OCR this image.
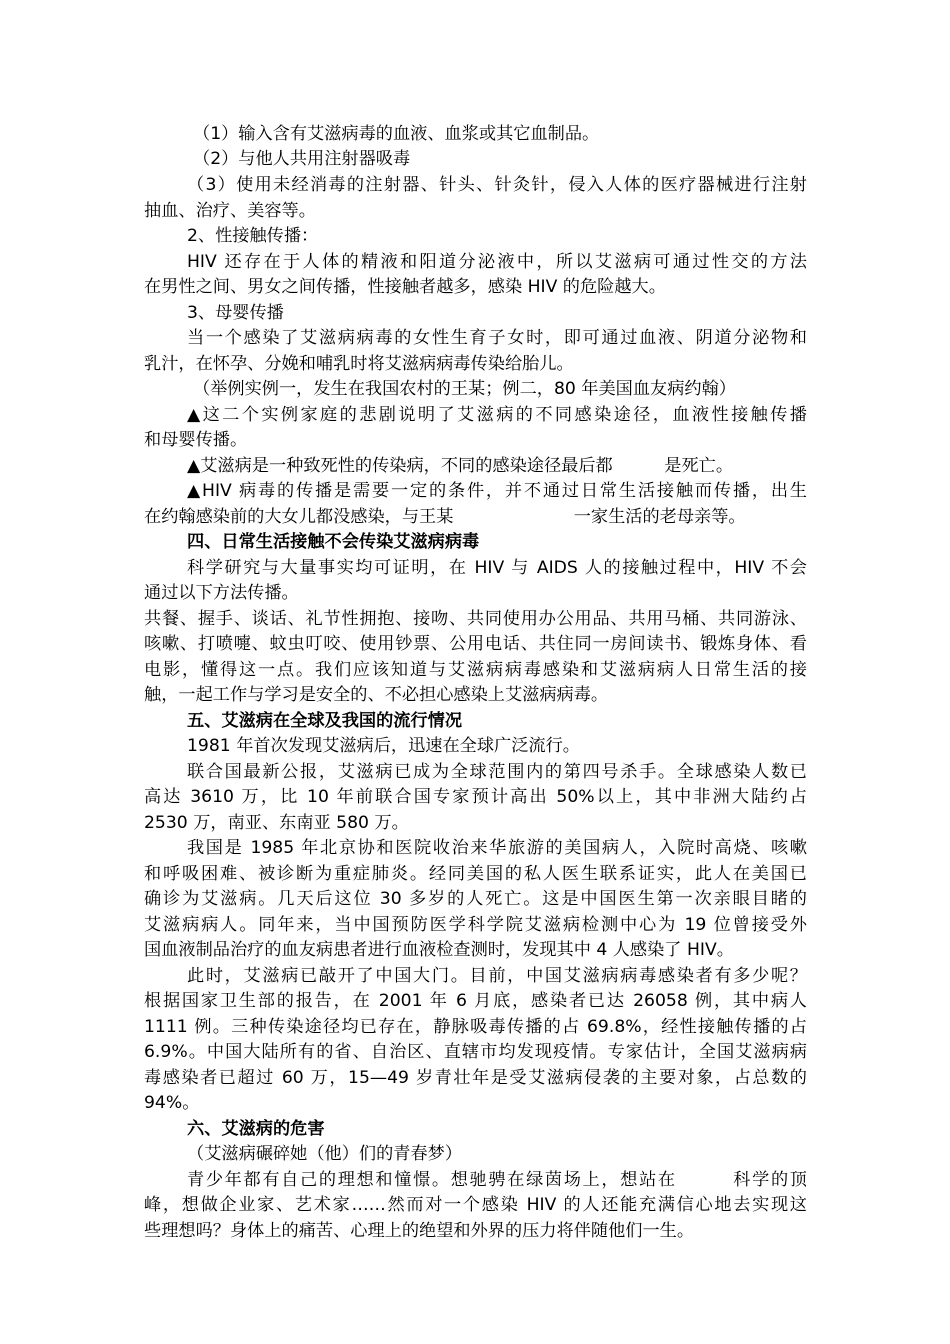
（1）输入含有艾滋病毒的血液、血浆或其它血制品。
（2）与他人共用注射器吸毒
（3）使用未经消毒的注射器、针头、针灸针，侵入人体的医疗器械进行注射
抽血、治疗、美容等。
2、性接触传播：
HIV 还存在于人体的精液和阳道分泌液中，所以艾滋病可通过性交的方法
在男性之间、男女之间传播，性接触者越多，感染 HIV 的危险越大。
3、母婴传播
当一个感染了艾滋病病毒的女性生育子女时，即可通过血液、阴道分泌物和
乳汁，在怀孕、分娩和哺乳时将艾滋病病毒传染给胎儿。
（举例实例一，发生在我国农村的王某；例二，80 年美国血友病约翰）
▲这二个实例家庭的悲剧说明了艾滋病的不同感染途径，血液性接触传播
和母婴传播。
▲艾滋病是一种致死性的传染病，不同的感染途径最后都　　　是死亡。
▲HIV 病毒的传播是需要一定的条件，并不通过日常生活接触而传播，出生
在约翰感染前的大女儿都没感染，与王某　　　　　　　一家生活的老母亲等。
四、日常生活接触不会传染艾滋病病毒
科学研究与大量事实均可证明，在 HIV 与 AIDS 人的接触过程中，HIV 不会
通过以下方法传播。
共餐、握手、谈话、礼节性拥抱、接吻、共同使用办公用品、共用马桶、共同游泳、
咳嗽、打喷嚏、蚊虫叮咬、使用钞票、公用电话、共住同一房间读书、锻炼身体、看
电影，懂得这一点。我们应该知道与艾滋病病毒感染和艾滋病病人日常生活的接
触，一起工作与学习是安全的、不必担心感染上艾滋病病毒。
五、艾滋病在全球及我国的流行情况
1981 年首次发现艾滋病后，迅速在全球广泛流行。
联合国最新公报，艾滋病已成为全球范围内的第四号杀手。全球感染人数已
高达 3610 万，比 10 年前联合国专家预计高出 50%以上，其中非洲大陆约占
2530 万，南亚、东南亚 580 万。
我国是 1985 年北京协和医院收治来华旅游的美国病人，入院时高烧、咳嗽
和呼吸困难、被诊断为重症肺炎。经同美国的私人医生联系证实，此人在美国已
确诊为艾滋病。几天后这位 30 多岁的人死亡。这是中国医生第一次亲眼目睹的
艾滋病病人。同年来，当中国预防医学科学院艾滋病检测中心为 19 位曾接受外
国血液制品治疗的血友病患者进行血液检查测时，发现其中 4 人感染了 HIV。
此时，艾滋病已敲开了中国大门。目前，中国艾滋病病毒感染者有多少呢？
根据国家卫生部的报告，在 2001 年 6 月底，感染者已达 26058 例，其中病人
1111 例。三种传染途径均已存在，静脉吸毒传播的占 69.8%，经性接触传播的占
6.9%。中国大陆所有的省、自治区、直辖市均发现疫情。专家估计，全国艾滋病病
毒感染者已超过 60 万，15—49 岁青壮年是受艾滋病侵袭的主要对象，占总数的
94%。
六、艾滋病的危害
（艾滋病碾碎她（他）们的青春梦）
青少年都有自己的理想和憧憬。想驰骋在绿茵场上，想站在　　　科学的顶
峰，想做企业家、艺术家……然而对一个感染 HIV 的人还能充满信心地去实现这
些理想吗？身体上的痛苦、心理上的绝望和外界的压力将伴随他们一生。
